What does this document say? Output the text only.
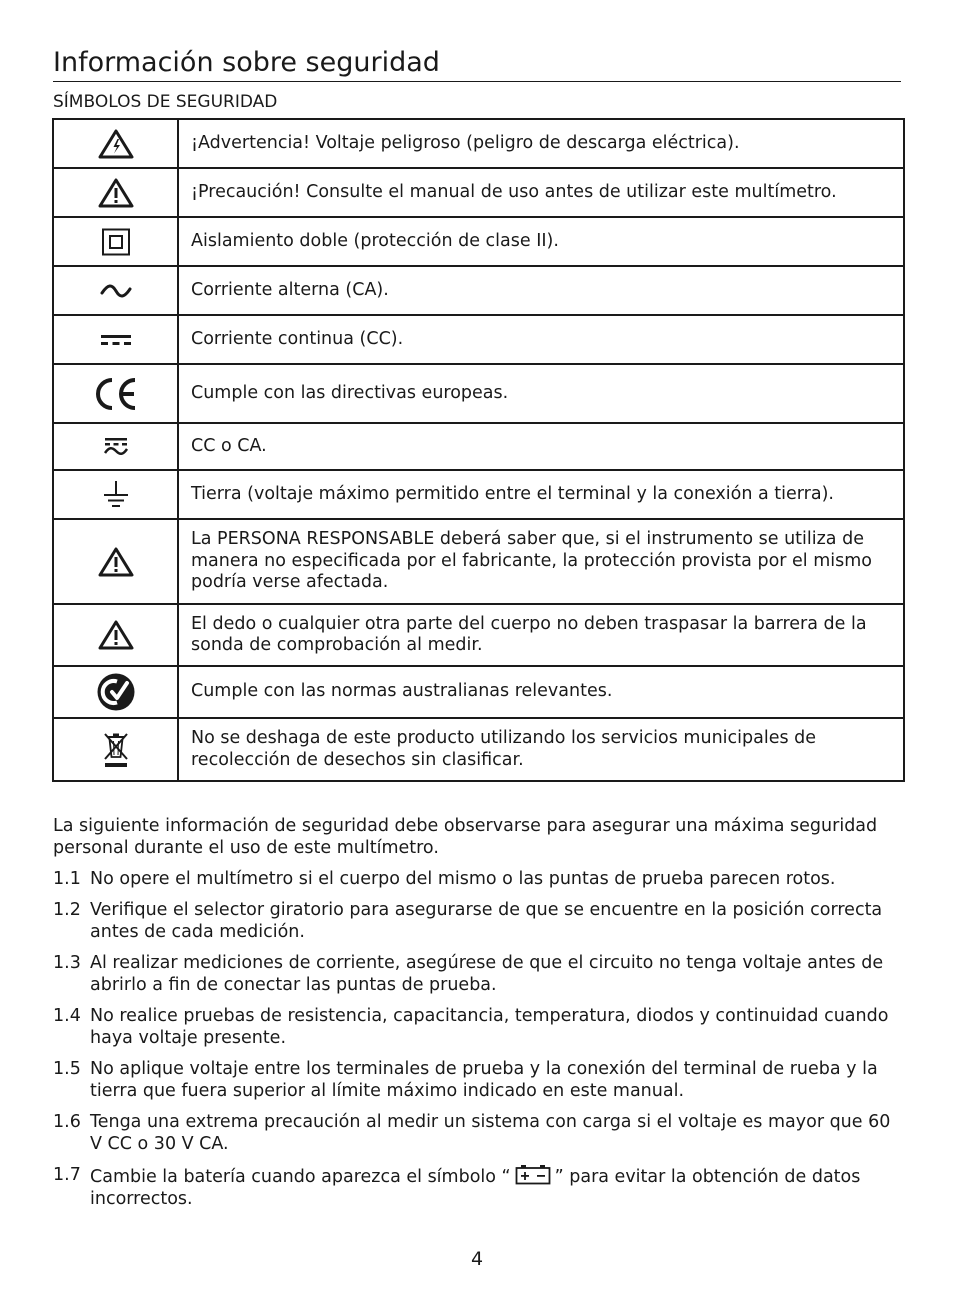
Información sobre seguridad
SÍMBOLOS DE SEGURIDAD
	¡Advertencia! Voltaje peligroso (peligro de descarga eléctrica).

	¡Precaución! Consulte el manual de uso antes de utilizar este multímetro.

	Aislamiento doble (protección de clase II).

	Corriente alterna (CA).

	Corriente continua (CC).

	Cumple con las directivas europeas.

	CC o CA.

	Tierra (voltaje máximo permitido entre el terminal y la conexión a tierra).

	La PERSONA RESPONSABLE deberá saber que, si el instrumento se utiliza de manera no especificada por el fabricante, la protección provista por el mismo podría verse afectada.

	El dedo o cualquier otra parte del cuerpo no deben traspasar la barrera de la sonda de comprobación al medir.

	Cumple con las normas australianas relevantes.

	No se deshaga de este producto utilizando los servicios municipales de recolección de desechos sin clasificar.
La siguiente información de seguridad debe observarse para asegurar una máxima seguridad personal durante el uso de este multímetro.
1.1 No opere el multímetro si el cuerpo del mismo o las puntas de prueba parecen rotos.
1.2 Verifique el selector giratorio para asegurarse de que se encuentre en la posición correcta antes de cada medición.
1.3 Al realizar mediciones de corriente, asegúrese de que el circuito no tenga voltaje antes de abrirlo a fin de conectar las puntas de prueba.
1.4 No realice pruebas de resistencia, capacitancia, temperatura, diodos y continuidad cuando haya voltaje presente.
1.5 No aplique voltaje entre los terminales de prueba y la conexión del terminal de rueba y la tierra que fuera superior al límite máximo indicado en este manual.
1.6 Tenga una extrema precaución al medir un sistema con carga si el voltaje es mayor que 60 V CC o 30 V CA.
1.7 Cambie la batería cuando aparezca el símbolo “	” para evitar la obtención de datos incorrectos.
4
